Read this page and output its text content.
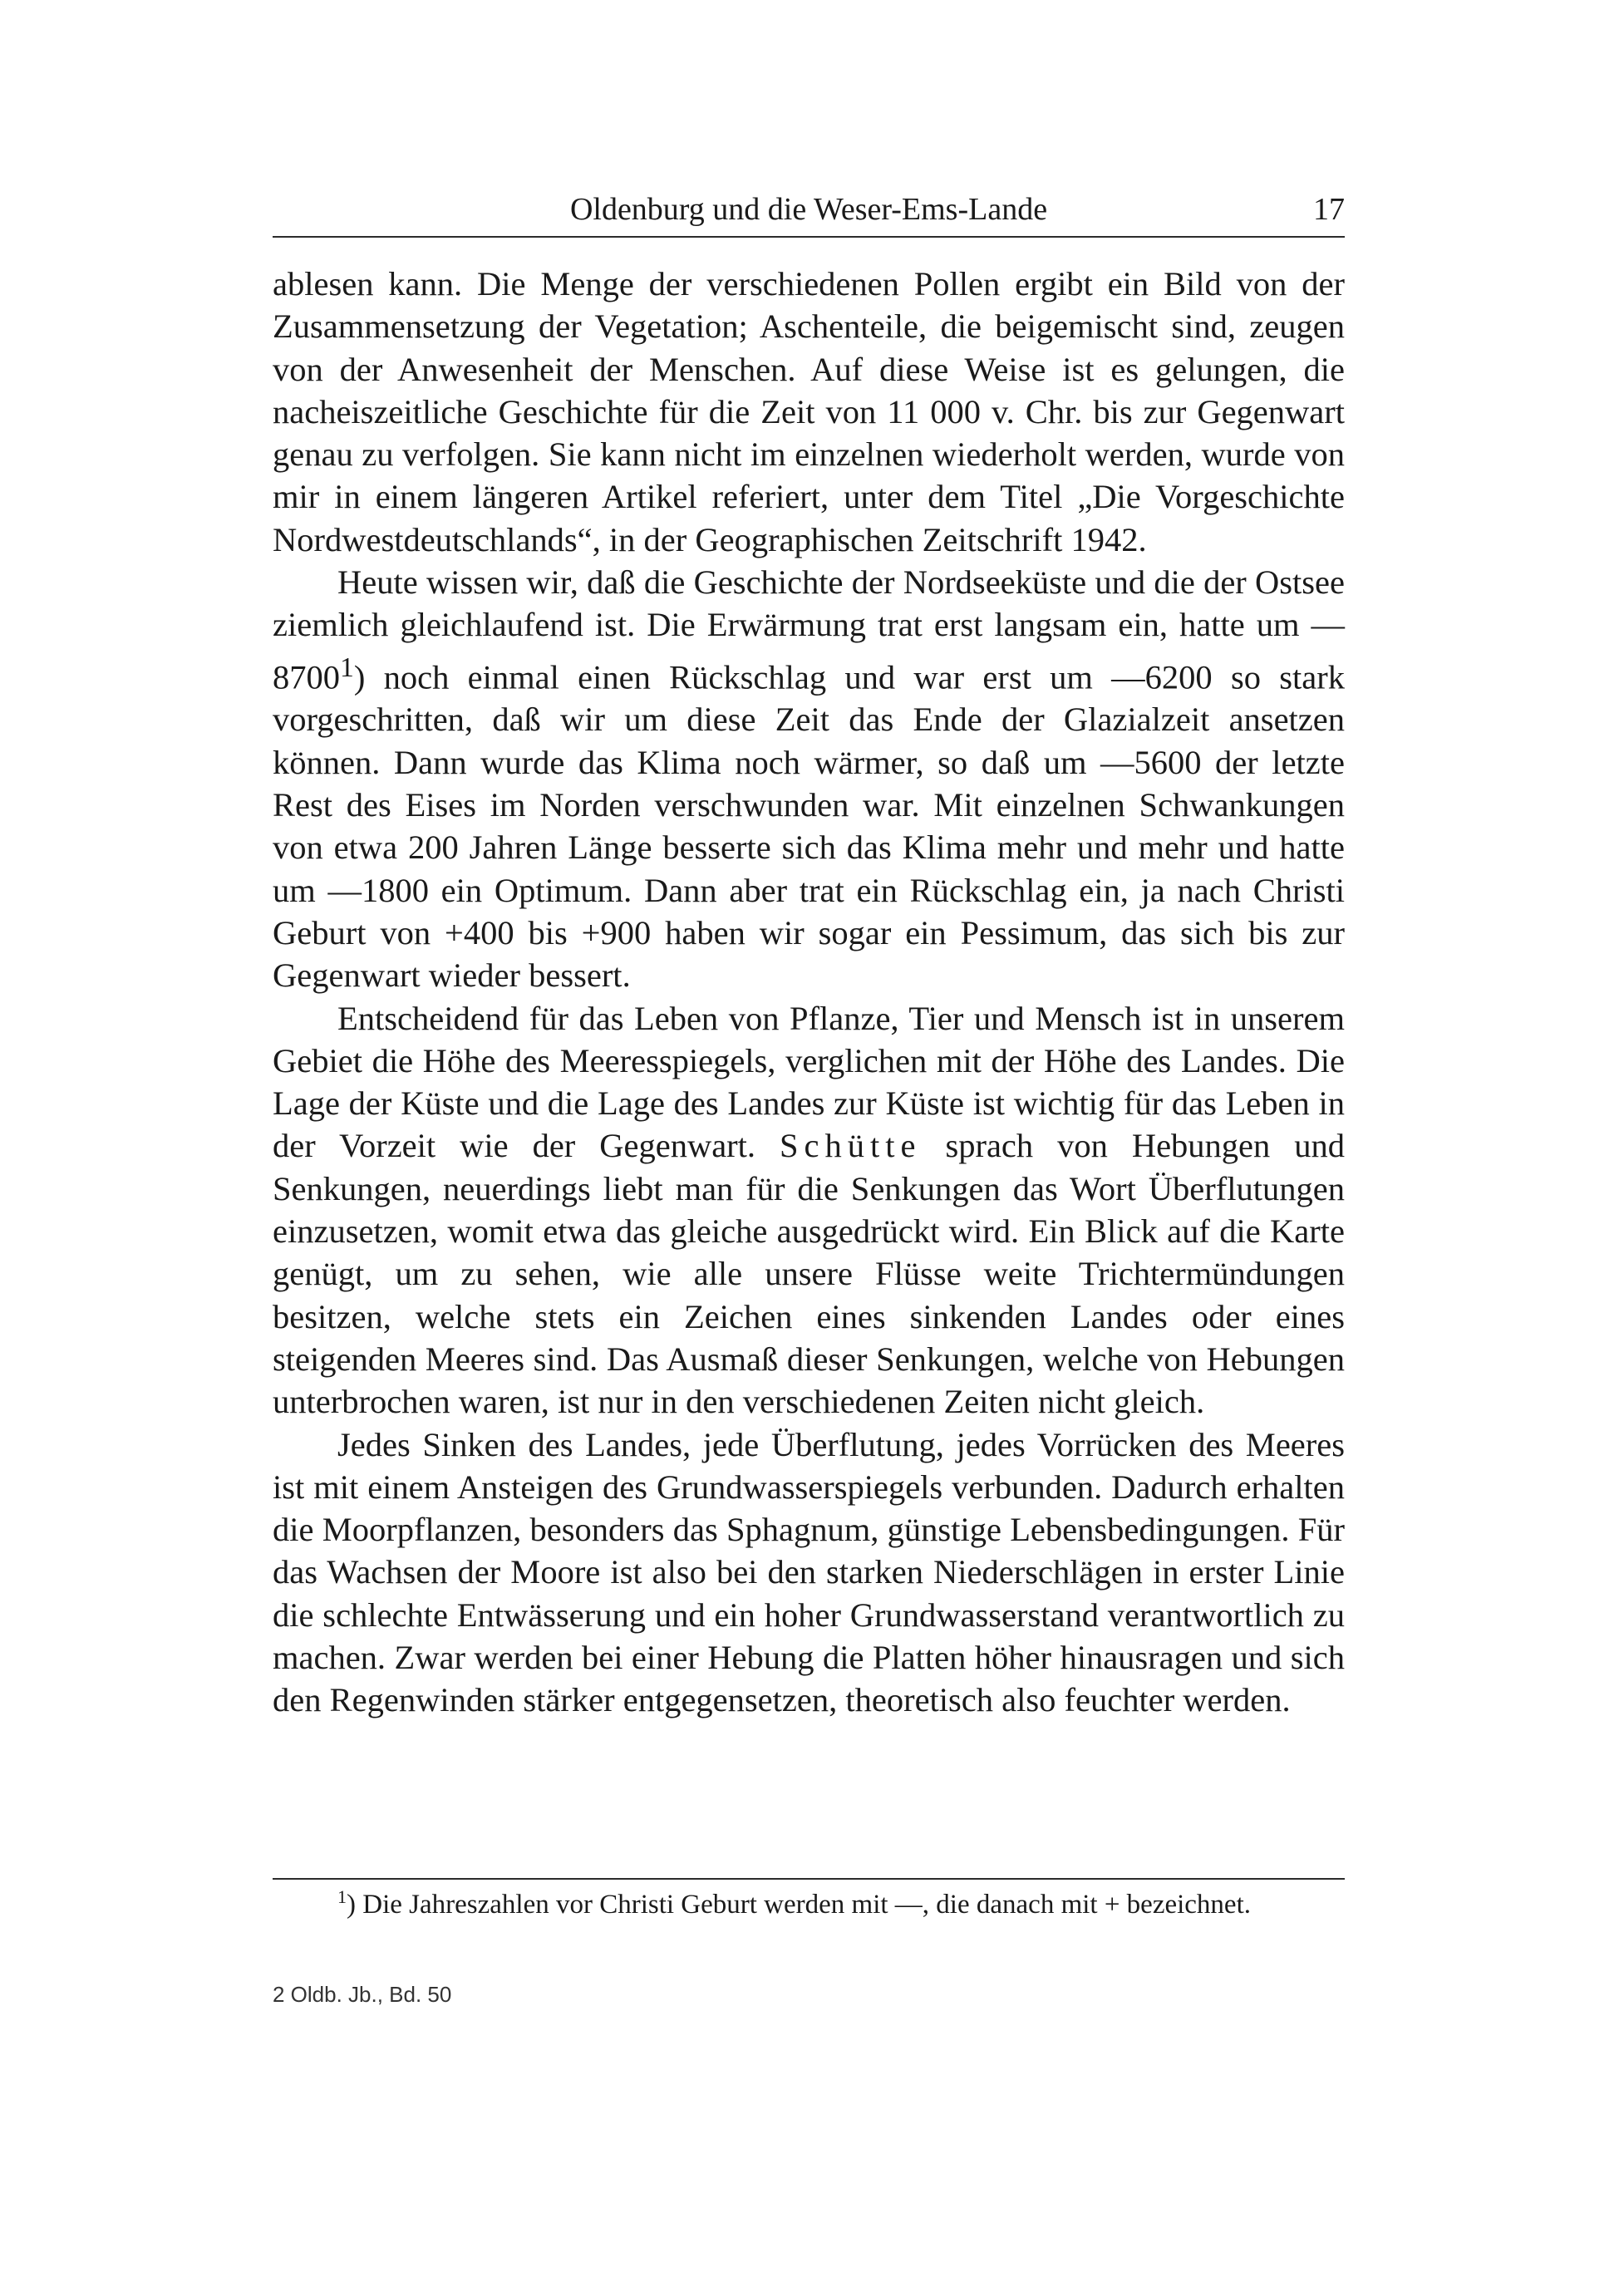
Oldenburg und die Weser-Ems-Lande	17

ablesen kann. Die Menge der verschiedenen Pollen ergibt ein Bild von der Zusammensetzung der Vegetation; Aschenteile, die beigemischt sind, zeugen von der Anwesenheit der Menschen. Auf diese Weise ist es gelungen, die nacheiszeitliche Geschichte für die Zeit von 11 000 v. Chr. bis zur Gegenwart genau zu verfolgen. Sie kann nicht im einzelnen wiederholt werden, wurde von mir in einem längeren Artikel referiert, unter dem Titel „Die Vorgeschichte Nordwestdeutschlands“, in der Geographischen Zeitschrift 1942.

Heute wissen wir, daß die Geschichte der Nordseeküste und die der Ostsee ziemlich gleichlaufend ist. Die Erwärmung trat erst langsam ein, hatte um —8700$^1$) noch einmal einen Rückschlag und war erst um —6200 so stark vorgeschritten, daß wir um diese Zeit das Ende der Glazialzeit ansetzen können. Dann wurde das Klima noch wärmer, so daß um —5600 der letzte Rest des Eises im Norden verschwunden war. Mit einzelnen Schwankungen von etwa 200 Jahren Länge besserte sich das Klima mehr und mehr und hatte um —1800 ein Optimum. Dann aber trat ein Rückschlag ein, ja nach Christi Geburt von +400 bis +900 haben wir sogar ein Pessimum, das sich bis zur Gegenwart wieder bessert.

Entscheidend für das Leben von Pflanze, Tier und Mensch ist in unserem Gebiet die Höhe des Meeresspiegels, verglichen mit der Höhe des Landes. Die Lage der Küste und die Lage des Landes zur Küste ist wichtig für das Leben in der Vorzeit wie der Gegenwart. Schütte sprach von Hebungen und Senkungen, neuerdings liebt man für die Senkungen das Wort Überflutungen einzusetzen, womit etwa das gleiche ausgedrückt wird. Ein Blick auf die Karte genügt, um zu sehen, wie alle unsere Flüsse weite Trichtermündungen besitzen, welche stets ein Zeichen eines sinkenden Landes oder eines steigenden Meeres sind. Das Ausmaß dieser Senkungen, welche von Hebungen unterbrochen waren, ist nur in den verschiedenen Zeiten nicht gleich.

Jedes Sinken des Landes, jede Überflutung, jedes Vorrücken des Meeres ist mit einem Ansteigen des Grundwasserspiegels verbunden. Dadurch erhalten die Moorpflanzen, besonders das Sphagnum, günstige Lebensbedingungen. Für das Wachsen der Moore ist also bei den starken Niederschlägen in erster Linie die schlechte Entwässerung und ein hoher Grundwasserstand verantwortlich zu machen. Zwar werden bei einer Hebung die Platten höher hinausragen und sich den Regenwinden stärker entgegensetzen, theoretisch also feuchter werden.

$^1$) Die Jahreszahlen vor Christi Geburt werden mit —, die danach mit + bezeichnet.
2 Oldb. Jb., Bd. 50
